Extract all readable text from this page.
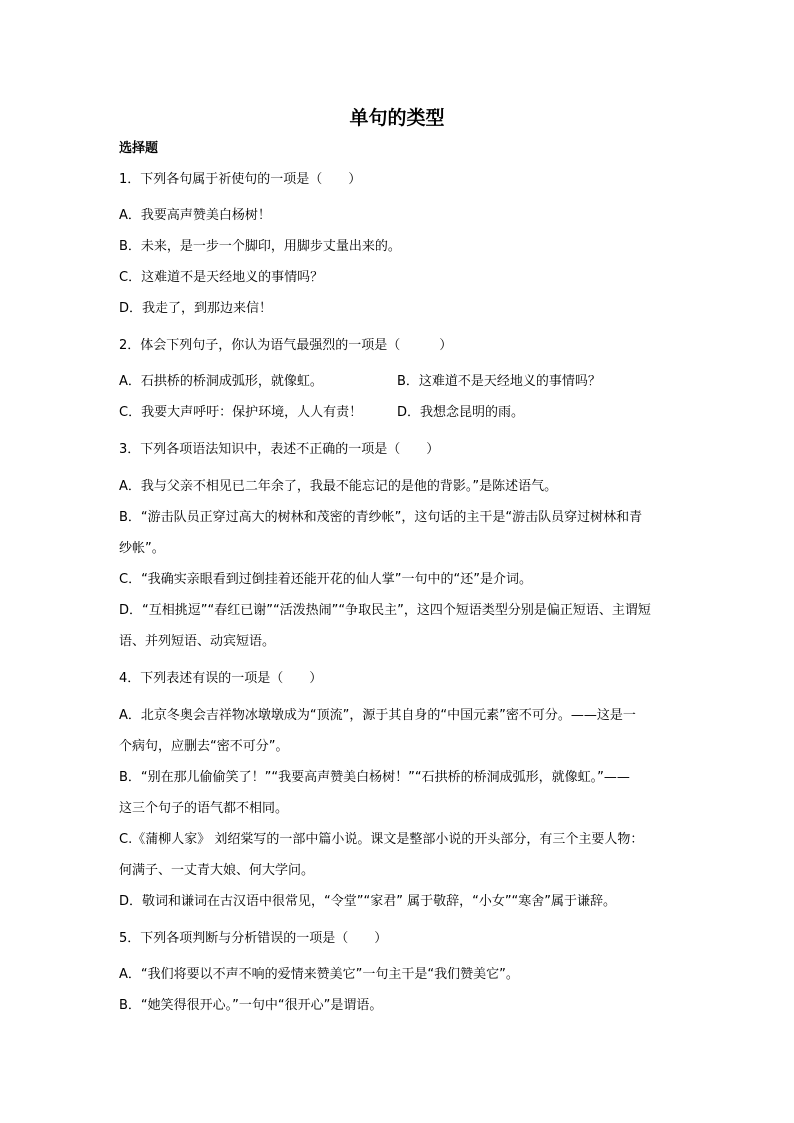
单句的类型
选择题
1．下列各句属于祈使句的一项是（　　）
A．我要高声赞美白杨树！
B．未来，是一步一个脚印，用脚步丈量出来的。
C．这难道不是天经地义的事情吗？
D．我走了，到那边来信！
2．体会下列句子，你认为语气最强烈的一项是（　　　）
A．石拱桥的桥洞成弧形，就像虹。	B．这难道不是天经地义的事情吗？
C．我要大声呼吁：保护环境，人人有责！	D．我想念昆明的雨。
3．下列各项语法知识中，表述不正确的一项是（　　）
A．我与父亲不相见已二年余了，我最不能忘记的是他的背影。”是陈述语气。
B．“游击队员正穿过高大的树林和茂密的青纱帐”，这句话的主干是“游击队员穿过树林和青
纱帐”。
C．“我确实亲眼看到过倒挂着还能开花的仙人掌”一句中的“还”是介词。
D．“互相挑逗”“春红已谢”“活泼热闹”“争取民主”，这四个短语类型分别是偏正短语、主谓短
语、并列短语、动宾短语。
4．下列表述有误的一项是（　　）
A．北京冬奥会吉祥物冰墩墩成为“顶流”，源于其自身的“中国元素”密不可分。——这是一
个病句，应删去“密不可分”。
B．“别在那儿偷偷笑了！”“我要高声赞美白杨树！”“石拱桥的桥洞成弧形，就像虹。”——
这三个句子的语气都不相同。
C.《蒲柳人家》 刘绍棠写的一部中篇小说。课文是整部小说的开头部分，有三个主要人物：
何满子、一丈青大娘、何大学问。
D．敬词和谦词在古汉语中很常见，“令堂”“家君” 属于敬辞，“小女”“寒舍”属于谦辞。
5．下列各项判断与分析错误的一项是（　　）
A．“我们将要以不声不响的爱情来赞美它”一句主干是“我们赞美它”。
B．“她笑得很开心。”一句中“很开心”是谓语。
